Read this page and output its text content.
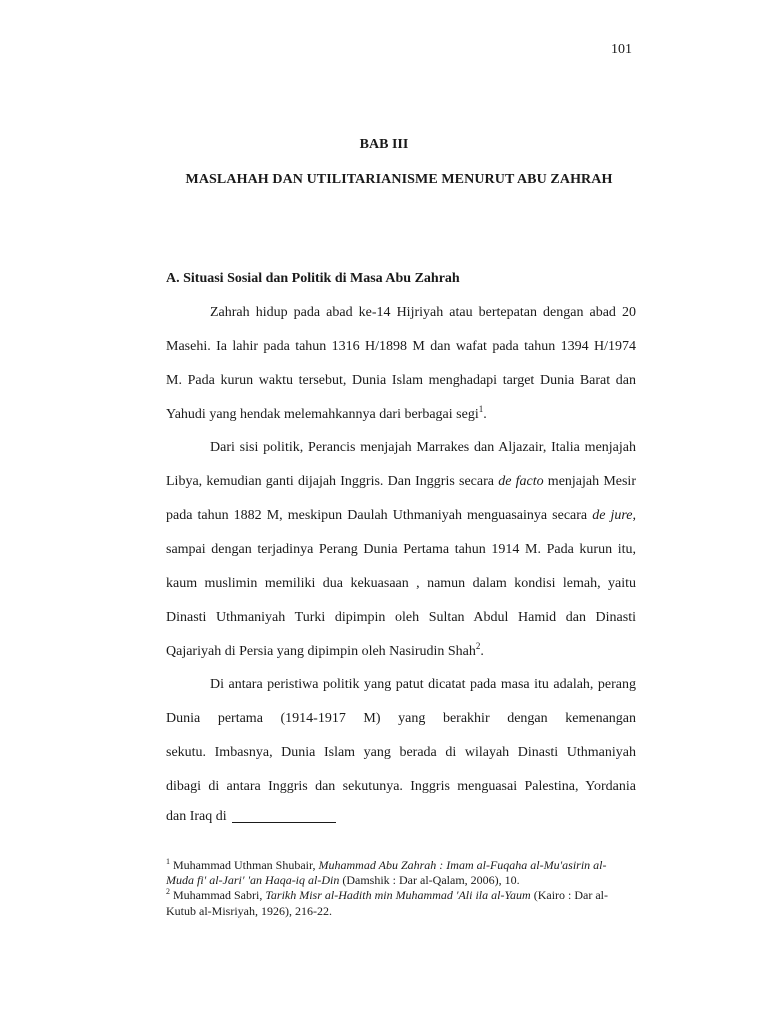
101
BAB III
MASLAHAH DAN UTILITARIANISME MENURUT ABU ZAHRAH
A. Situasi Sosial dan Politik di Masa Abu Zahrah
Zahrah hidup pada abad ke-14 Hijriyah atau bertepatan dengan abad 20
Masehi. Ia lahir pada tahun 1316 H/1898 M dan wafat pada tahun 1394 H/1974
M. Pada kurun waktu tersebut, Dunia Islam menghadapi target Dunia Barat dan
Yahudi yang hendak melemahkannya dari berbagai segi$^1$.
Dari sisi politik, Perancis menjajah Marrakes dan Aljazair, Italia menjajah
Libya, kemudian ganti dijajah Inggris. Dan Inggris secara de facto menjajah Mesir
pada tahun 1882 M, meskipun Daulah Uthmaniyah menguasainya secara de jure,
sampai dengan terjadinya Perang Dunia Pertama tahun 1914 M. Pada kurun itu,
kaum muslimin memiliki dua kekuasaan , namun dalam kondisi lemah, yaitu
Dinasti Uthmaniyah Turki dipimpin oleh Sultan Abdul Hamid dan Dinasti
Qajariyah di Persia yang dipimpin oleh Nasirudin Shah$^2$.
Di antara peristiwa politik yang patut dicatat pada masa itu adalah, perang
Dunia pertama (1914-1917 M) yang berakhir dengan kemenangan
sekutu. Imbasnya, Dunia Islam yang berada di wilayah Dinasti Uthmaniyah
dibagi di antara Inggris dan sekutunya. Inggris menguasai Palestina, Yordania
dan Iraq di
$^1$ Muhammad Uthman Shubair, Muhammad Abu Zahrah : Imam al-Fuqaha al-Mu'asirin al-
Muda fi' al-Jari' 'an Haqa-iq al-Din (Damshik : Dar al-Qalam, 2006), 10.
$^2$ Muhammad Sabri, Tarikh Misr al-Hadith min Muhammad 'Ali ila al-Yaum (Kairo : Dar al-
Kutub al-Misriyah, 1926), 216-22.
